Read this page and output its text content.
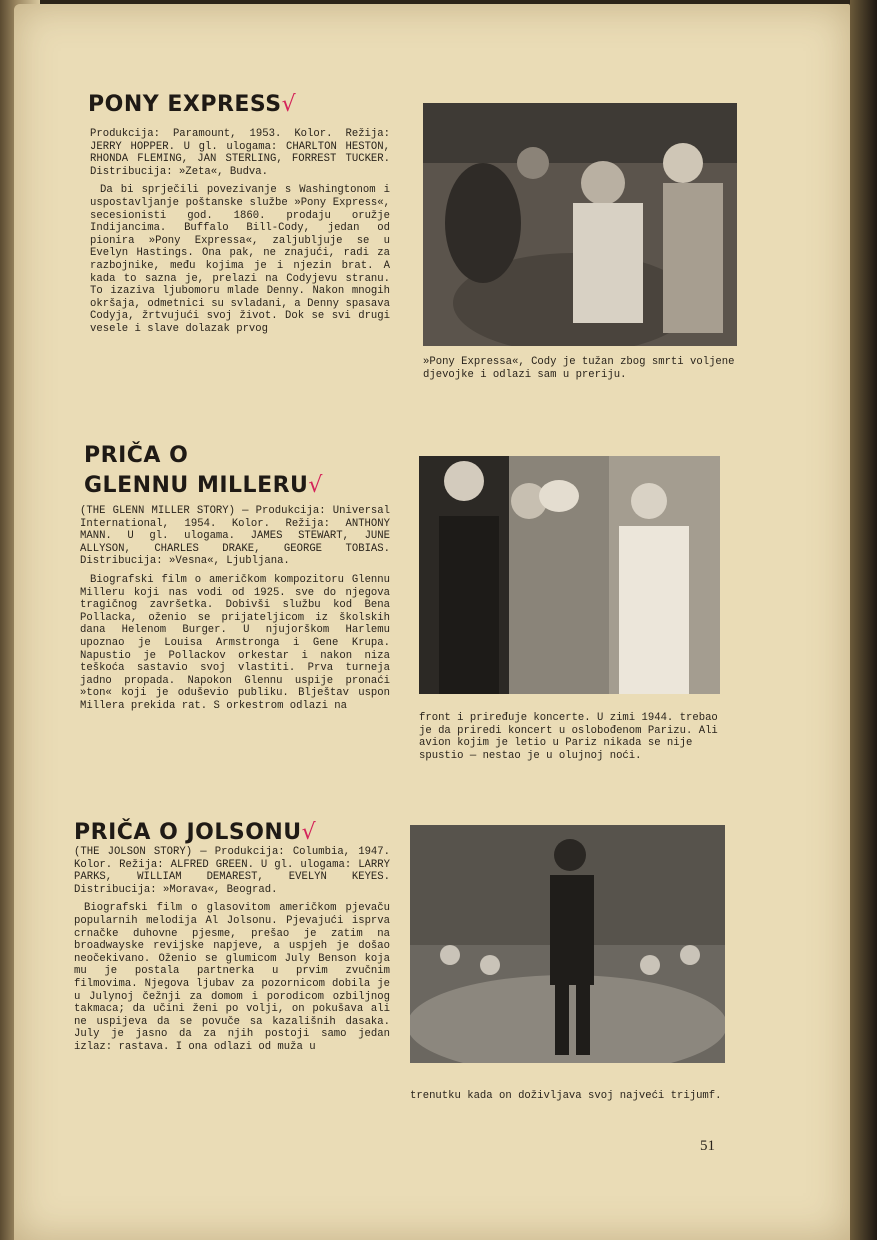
PONY EXPRESS√

Produkcija: Paramount, 1953. Kolor. Režija: JERRY HOPPER. U gl. ulogama: CHARLTON HESTON, RHONDA FLEMING, JAN STERLING, FORREST TUCKER. Distribucija: »Zeta«, Budva.

Da bi sprječili povezivanje s Washingtonom i uspostavljanje poštanske službe »Pony Express«, secesionisti god. 1860. prodaju oružje Indijancima. Buffalo Bill-Cody, jedan od pionira »Pony Expressa«, zaljubljuje se u Evelyn Hastings. Ona pak, ne znajući, radi za razbojnike, među kojima je i njezin brat. A kada to sazna je, prelazi na Codyjevu stranu. To izaziva ljubomoru mlade Denny. Nakon mnogih okršaja, odmetnici su svladani, a Denny spasava Codyja, žrtvujući svoj život. Dok se svi drugi vesele i slave dolazak prvog

»Pony Expressa«, Cody je tužan zbog smrti voljene djevojke i odlazi sam u preriju.

PRIČA O
GLENNU MILLERU√

(THE GLENN MILLER STORY) — Produkcija: Universal International, 1954. Kolor. Režija: ANTHONY MANN. U gl. ulogama. JAMES STEWART, JUNE ALLYSON, CHARLES DRAKE, GEORGE TOBIAS. Distribucija: »Vesna«, Ljubljana.

Biografski film o američkom kompozitoru Glennu Milleru koji nas vodi od 1925. sve do njegova tragičnog završetka. Dobivši službu kod Bena Pollacka, oženio se prijateljicom iz školskih dana Helenom Burger. U njujorškom Harlemu upoznao je Louisa Armstronga i Gene Krupa. Napustio je Pollackov orkestar i nakon niza teškoća sastavio svoj vlastiti. Prva turneja jadno propada. Napokon Glennu uspije pronaći »ton« koji je oduševio publiku. Blještav uspon Millera prekida rat. S orkestrom odlazi na

front i priređuje koncerte. U zimi 1944. trebao je da priredi koncert u oslobođenom Parizu. Ali avion kojim je letio u Pariz nikada se nije spustio — nestao je u olujnoj noći.

PRIČA O JOLSONU√

(THE JOLSON STORY) — Produkcija: Columbia, 1947. Kolor. Režija: ALFRED GREEN. U gl. ulogama: LARRY PARKS, WILLIAM DEMAREST, EVELYN KEYES. Distribucija: »Morava«, Beograd.

Biografski film o glasovitom američkom pjevaču popularnih melodija Al Jolsonu. Pjevajući isprva crnačke duhovne pjesme, prešao je zatim na broadwayske revijske napjeve, a uspjeh je došao neočekivano. Oženio se glumicom July Benson koja mu je postala partnerka u prvim zvučnim filmovima. Njegova ljubav za pozornicom dobila je u Julynoj čežnji za domom i porodicom ozbiljnog takmaca; da učini ženi po volji, on pokušava ali ne uspijeva da se povuče sa kazališnih dasaka. July je jasno da za njih postoji samo jedan izlaz: rastava. I ona odlazi od muža u

trenutku kada on doživljava svoj najveći trijumf.

51
